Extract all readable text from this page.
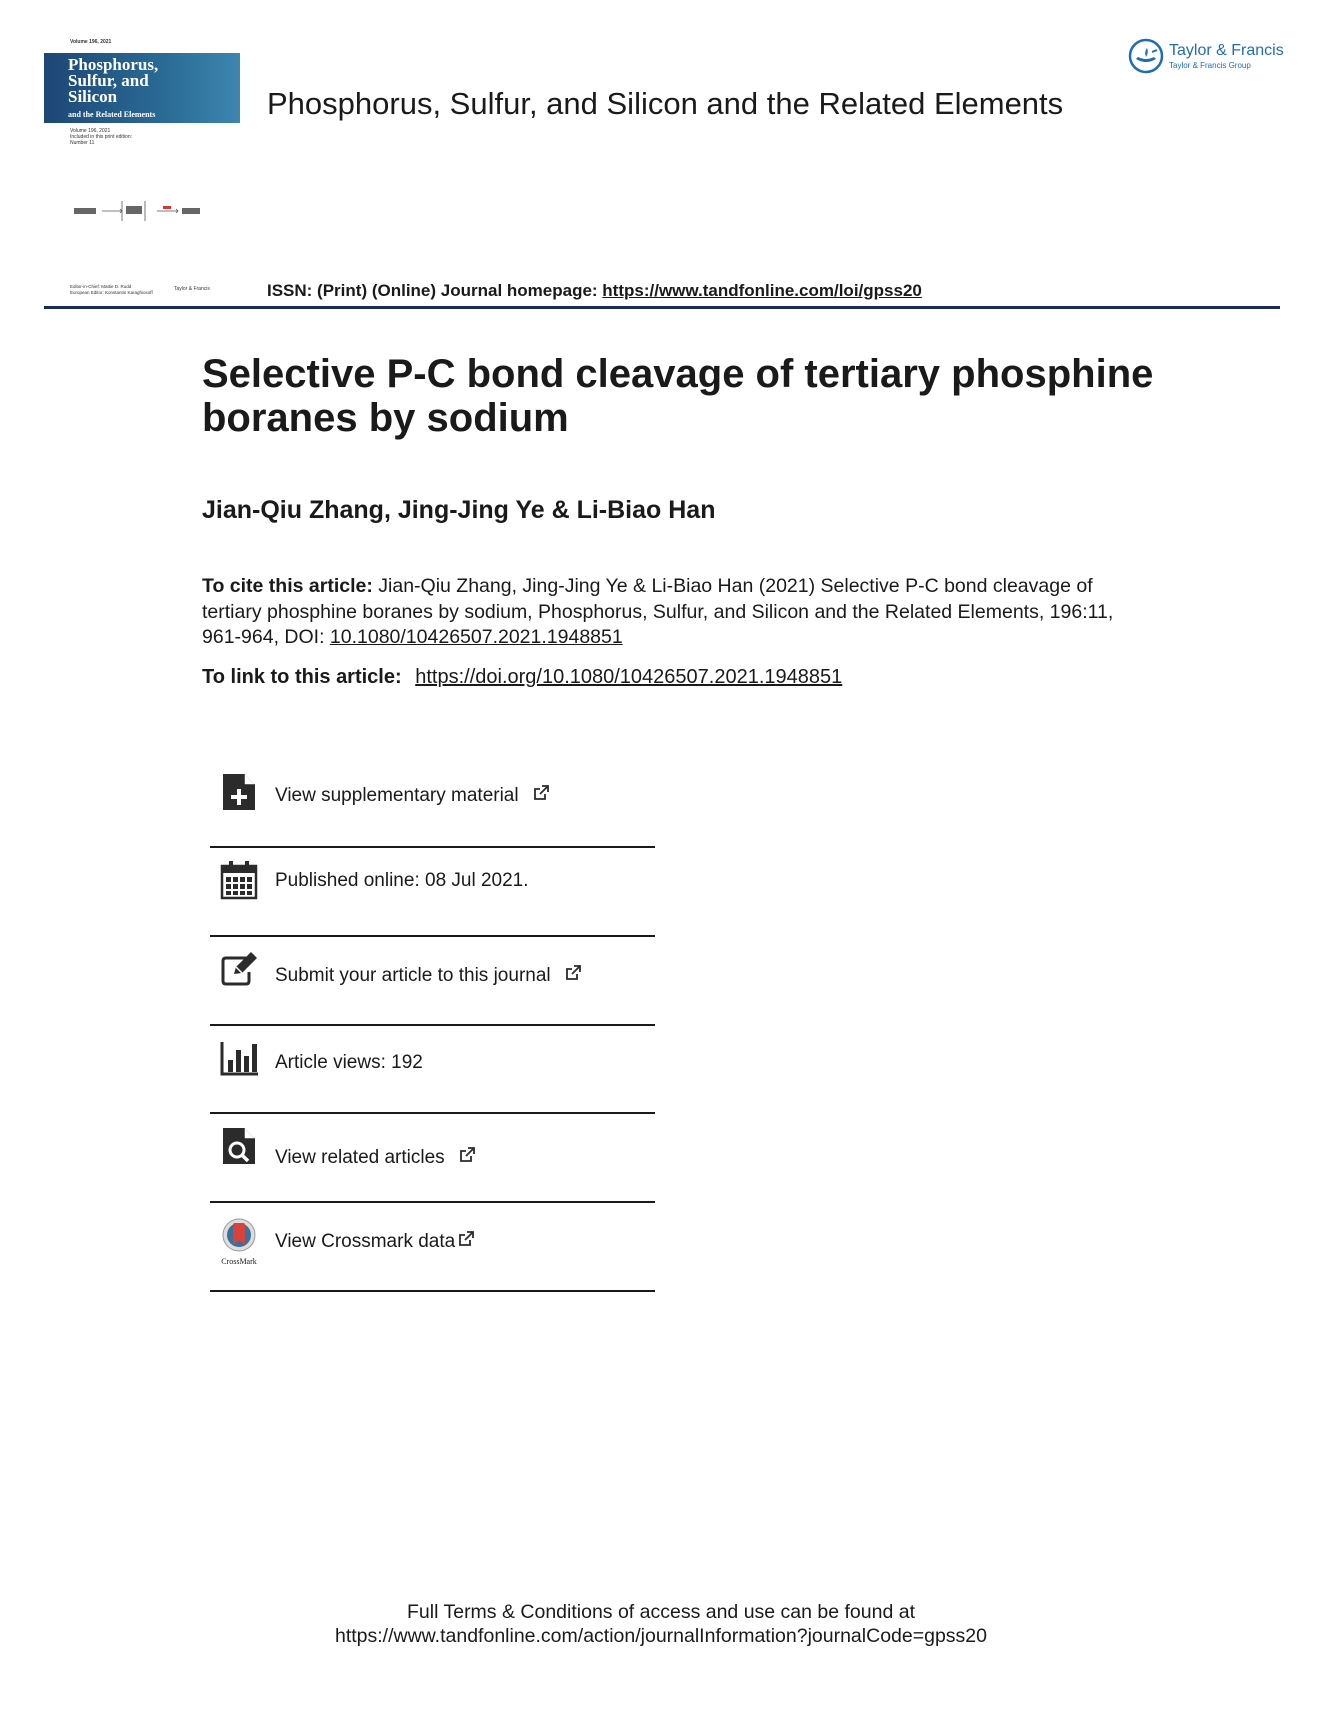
Volume 196, 2021
Phosphorus,
Sulfur, and
Silicon
and the Related Elements
Volume 196, 2021
Included in this print edition:
Number 11
Editor-in-Chief: Mattie D. Rudd
European Editor: Konstantin Karaghiosoff	Taylor & Francis
Phosphorus, Sulfur, and Silicon and the Related Elements
Taylor & Francis
Taylor & Francis Group
ISSN: (Print) (Online) Journal homepage: https://www.tandfonline.com/loi/gpss20
Selective P-C bond cleavage of tertiary phosphine boranes by sodium
Jian-Qiu Zhang, Jing-Jing Ye & Li-Biao Han
To cite this article: Jian-Qiu Zhang, Jing-Jing Ye & Li-Biao Han (2021) Selective P-C bond cleavage of tertiary phosphine boranes by sodium, Phosphorus, Sulfur, and Silicon and the Related Elements, 196:11, 961-964, DOI: 10.1080/10426507.2021.1948851
To link to this article: https://doi.org/10.1080/10426507.2021.1948851
View supplementary material
Published online: 08 Jul 2021.
Submit your article to this journal
Article views: 192
View related articles
CrossMark
View Crossmark data
Full Terms & Conditions of access and use can be found at
https://www.tandfonline.com/action/journalInformation?journalCode=gpss20
